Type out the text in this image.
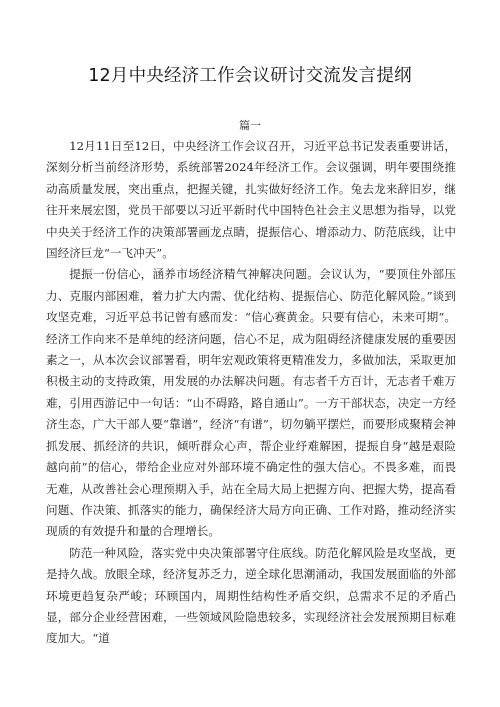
12月中央经济工作会议研讨交流发言提纲
篇一

12月11日至12日，中央经济工作会议召开，习近平总书记发表重要讲话，深刻分析当前经济形势，系统部署2024年经济工作。会议强调，明年要围绕推动高质量发展，突出重点，把握关键，扎实做好经济工作。兔去龙来辞旧岁，继往开来展宏图，党员干部要以习近平新时代中国特色社会主义思想为指导，以党中央关于经济工作的决策部署画龙点睛，提振信心、增添动力、防范底线，让中国经济巨龙“一飞冲天”。

提振一份信心，涵养市场经济精气神解决问题。会议认为，“要顶住外部压力、克服内部困难，着力扩大内需、优化结构、提振信心、防范化解风险。”谈到攻坚克难，习近平总书记曾有感而发：“信心赛黄金。只要有信心，未来可期“。经济工作向来不是单纯的经济问题，信心不足，成为阻碍经济健康发展的重要因素之一，从本次会议部署看，明年宏观政策将更精准发力，多做加法，采取更加积极主动的支持政策，用发展的办法解决问题。有志者千方百计，无志者千难万难，引用西游记中一句话：“山不碍路，路自通山”。一方干部状态，决定一方经济生态，广大干部人要“靠谱”，经济“有谱”，切勿躺平摆烂，而要形成聚精会神抓发展、抓经济的共识，倾听群众心声，帮企业纾难解困，提振自身“越是艰险越向前”的信心，带给企业应对外部环境不确定性的强大信心。不畏多难，而畏无难，从改善社会心理预期入手，站在全局大局上把握方向、把握大势，提高看问题、作决策、抓落实的能力，确保经济大局方向正确、工作对路，推动经济实现质的有效提升和量的合理增长。

防范一种风险，落实党中央决策部署守住底线。防范化解风险是攻坚战，更是持久战。放眼全球，经济复苏乏力，逆全球化思潮涌动，我国发展面临的外部环境更趋复杂严峻；环顾国内，周期性结构性矛盾交织，总需求不足的矛盾凸显，部分企业经营困难，一些领域风险隐患较多，实现经济社会发展预期目标难度加大。“道
